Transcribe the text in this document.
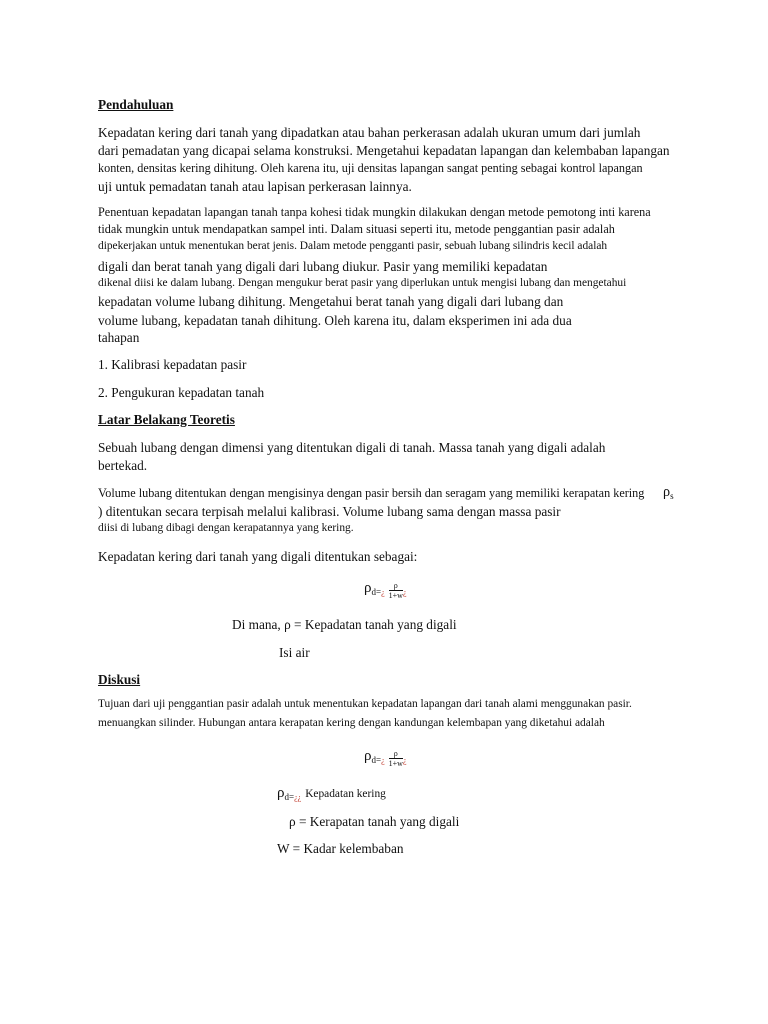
Pendahuluan
Kepadatan kering dari tanah yang dipadatkan atau bahan perkerasan adalah ukuran umum dari jumlah
dari pemadatan yang dicapai selama konstruksi. Mengetahui kepadatan lapangan dan kelembaban lapangan
konten, densitas kering dihitung. Oleh karena itu, uji densitas lapangan sangat penting sebagai kontrol lapangan
uji untuk pemadatan tanah atau lapisan perkerasan lainnya.
Penentuan kepadatan lapangan tanah tanpa kohesi tidak mungkin dilakukan dengan metode pemotong inti karena
tidak mungkin untuk mendapatkan sampel inti. Dalam situasi seperti itu, metode penggantian pasir adalah
dipekerjakan untuk menentukan berat jenis. Dalam metode pengganti pasir, sebuah lubang silindris kecil adalah
digali dan berat tanah yang digali dari lubang diukur. Pasir yang memiliki kepadatan
dikenal diisi ke dalam lubang. Dengan mengukur berat pasir yang diperlukan untuk mengisi lubang dan mengetahui
kepadatan volume lubang dihitung. Mengetahui berat tanah yang digali dari lubang dan
volume lubang, kepadatan tanah dihitung. Oleh karena itu, dalam eksperimen ini ada dua
tahapan
1. Kalibrasi kepadatan pasir
2. Pengukuran kepadatan tanah
Latar Belakang Teoretis
Sebuah lubang dengan dimensi yang ditentukan digali di tanah. Massa tanah yang digali adalah
bertekad.
Volume lubang ditentukan dengan mengisinya dengan pasir bersih dan seragam yang memiliki kerapatan kering $\rho_s$
) ditentukan secara terpisah melalui kalibrasi. Volume lubang sama dengan massa pasir
diisi di lubang dibagi dengan kerapatannya yang kering.
Kepadatan kering dari tanah yang digali ditentukan sebagai:
$\rho_{d=}¿ \frac{\rho}{1+w}$ ¿
Di mana, ρ = Kepadatan tanah yang digali
Isi air
Diskusi
Tujuan dari uji penggantian pasir adalah untuk menentukan kepadatan lapangan dari tanah alami menggunakan pasir.
menuangkan silinder. Hubungan antara kerapatan kering dengan kandungan kelembapan yang diketahui adalah
$\rho_{d=}¿ \frac{\rho}{1+w}$ ¿
$\rho_{d=}¿¿$ Kepadatan kering
ρ = Kerapatan tanah yang digali
W = Kadar kelembaban
